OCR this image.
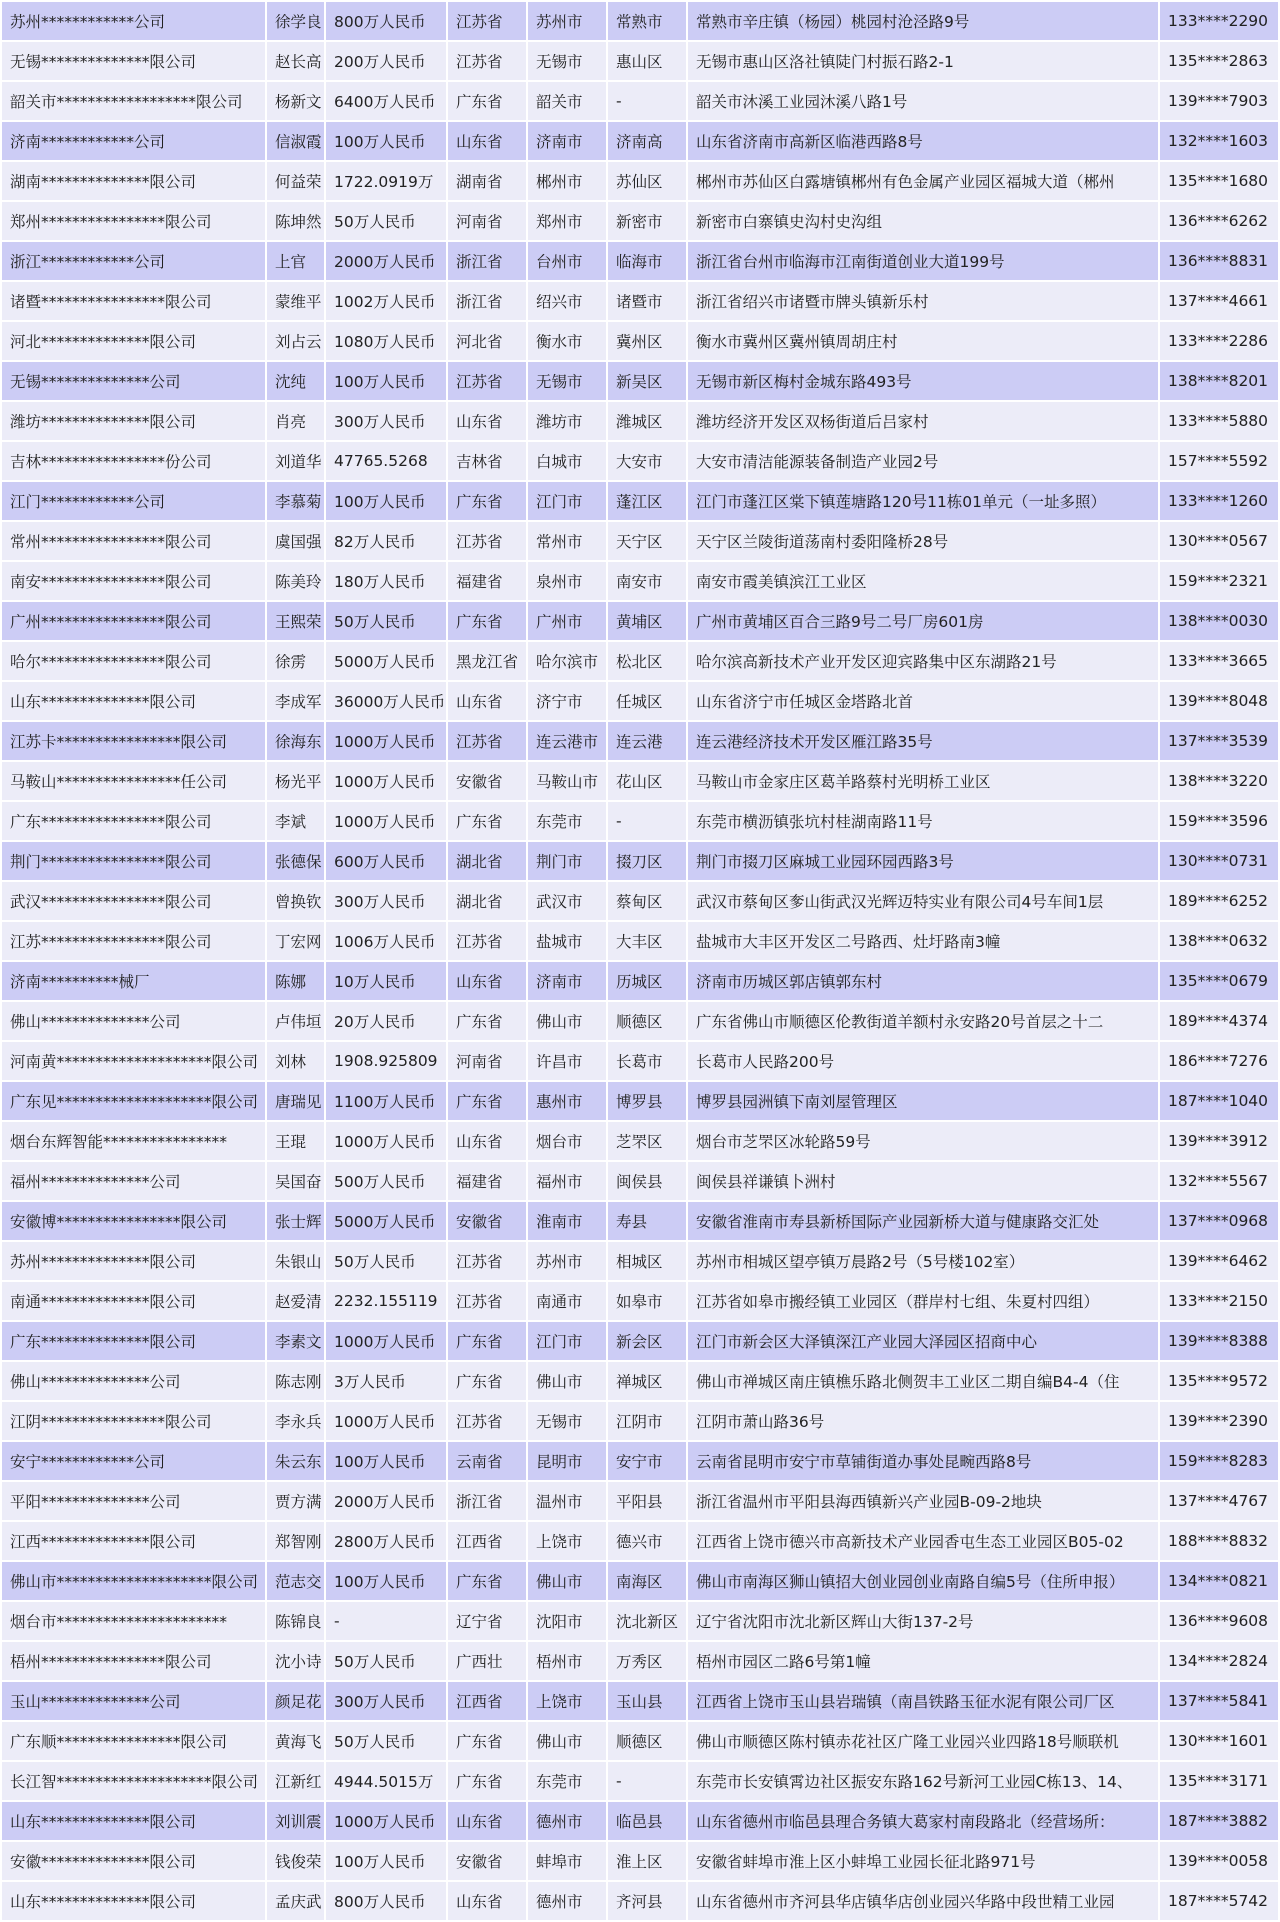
苏州************公司	徐学良	800万人民币	江苏省	苏州市	常熟市	常熟市辛庄镇（杨园）桃园村沧泾路9号	133****2290
无锡**************限公司	赵长高	200万人民币	江苏省	无锡市	惠山区	无锡市惠山区洛社镇陡门村振石路2-1	135****2863
韶关市******************限公司	杨新文	6400万人民币	广东省	韶关市	-	韶关市沐溪工业园沐溪八路1号	139****7903
济南************公司	信淑霞	100万人民币	山东省	济南市	济南高	山东省济南市高新区临港西路8号	132****1603
湖南**************限公司	何益荣	1722.0919万	湖南省	郴州市	苏仙区	郴州市苏仙区白露塘镇郴州有色金属产业园区福城大道（郴州	135****1680
郑州****************限公司	陈坤然	50万人民币	河南省	郑州市	新密市	新密市白寨镇史沟村史沟组	136****6262
浙江************公司	上官	2000万人民币	浙江省	台州市	临海市	浙江省台州市临海市江南街道创业大道199号	136****8831
诸暨****************限公司	蒙维平	1002万人民币	浙江省	绍兴市	诸暨市	浙江省绍兴市诸暨市牌头镇新乐村	137****4661
河北**************限公司	刘占云	1080万人民币	河北省	衡水市	冀州区	衡水市冀州区冀州镇周胡庄村	133****2286
无锡**************公司	沈纯	100万人民币	江苏省	无锡市	新吴区	无锡市新区梅村金城东路493号	138****8201
潍坊**************限公司	肖亮	300万人民币	山东省	潍坊市	潍城区	潍坊经济开发区双杨街道后吕家村	133****5880
吉林****************份公司	刘道华	47765.5268	吉林省	白城市	大安市	大安市清洁能源装备制造产业园2号	157****5592
江门************公司	李慕菊	100万人民币	广东省	江门市	蓬江区	江门市蓬江区棠下镇莲塘路120号11栋01单元（一址多照）	133****1260
常州****************限公司	虞国强	82万人民币	江苏省	常州市	天宁区	天宁区兰陵街道荡南村委阳隆桥28号	130****0567
南安****************限公司	陈美玲	180万人民币	福建省	泉州市	南安市	南安市霞美镇滨江工业区	159****2321
广州****************限公司	王熙荣	50万人民币	广东省	广州市	黄埔区	广州市黄埔区百合三路9号二号厂房601房	138****0030
哈尔****************限公司	徐雳	5000万人民币	黑龙江省	哈尔滨市	松北区	哈尔滨高新技术产业开发区迎宾路集中区东湖路21号	133****3665
山东**************限公司	李成军	36000万人民币	山东省	济宁市	任城区	山东省济宁市任城区金塔路北首	139****8048
江苏卡****************限公司	徐海东	1000万人民币	江苏省	连云港市	连云港	连云港经济技术开发区雁江路35号	137****3539
马鞍山****************任公司	杨光平	1000万人民币	安徽省	马鞍山市	花山区	马鞍山市金家庄区葛羊路蔡村光明桥工业区	138****3220
广东****************限公司	李斌	1000万人民币	广东省	东莞市	-	东莞市横沥镇张坑村桂湖南路11号	159****3596
荆门****************限公司	张德保	600万人民币	湖北省	荆门市	掇刀区	荆门市掇刀区麻城工业园环园西路3号	130****0731
武汉****************限公司	曾换钦	300万人民币	湖北省	武汉市	蔡甸区	武汉市蔡甸区奓山街武汉光辉迈特实业有限公司4号车间1层	189****6252
江苏****************限公司	丁宏网	1006万人民币	江苏省	盐城市	大丰区	盐城市大丰区开发区二号路西、灶圩路南3幢	138****0632
济南**********械厂	陈娜	10万人民币	山东省	济南市	历城区	济南市历城区郭店镇郭东村	135****0679
佛山**************公司	卢伟垣	20万人民币	广东省	佛山市	顺德区	广东省佛山市顺德区伦教街道羊额村永安路20号首层之十二	189****4374
河南黄********************限公司	刘林	1908.925809	河南省	许昌市	长葛市	长葛市人民路200号	186****7276
广东见********************限公司	唐瑞见	1100万人民币	广东省	惠州市	博罗县	博罗县园洲镇下南刘屋管理区	187****1040
烟台东辉智能****************	王琨	1000万人民币	山东省	烟台市	芝罘区	烟台市芝罘区冰轮路59号	139****3912
福州**************公司	吴国奋	500万人民币	福建省	福州市	闽侯县	闽侯县祥谦镇卜洲村	132****5567
安徽博****************限公司	张士辉	5000万人民币	安徽省	淮南市	寿县	安徽省淮南市寿县新桥国际产业园新桥大道与健康路交汇处	137****0968
苏州**************限公司	朱银山	50万人民币	江苏省	苏州市	相城区	苏州市相城区望亭镇万晨路2号（5号楼102室）	139****6462
南通**************限公司	赵爱清	2232.155119	江苏省	南通市	如皋市	江苏省如皋市搬经镇工业园区（群岸村七组、朱夏村四组）	133****2150
广东**************限公司	李素文	1000万人民币	广东省	江门市	新会区	江门市新会区大泽镇深江产业园大泽园区招商中心	139****8388
佛山**************公司	陈志刚	3万人民币	广东省	佛山市	禅城区	佛山市禅城区南庄镇樵乐路北侧贺丰工业区二期自编B4-4（住	135****9572
江阴****************限公司	李永兵	1000万人民币	江苏省	无锡市	江阴市	江阴市萧山路36号	139****2390
安宁************公司	朱云东	100万人民币	云南省	昆明市	安宁市	云南省昆明市安宁市草铺街道办事处昆畹西路8号	159****8283
平阳**************公司	贾方满	2000万人民币	浙江省	温州市	平阳县	浙江省温州市平阳县海西镇新兴产业园B-09-2地块	137****4767
江西**************限公司	郑智刚	2800万人民币	江西省	上饶市	德兴市	江西省上饶市德兴市高新技术产业园香屯生态工业园区B05-02	188****8832
佛山市********************限公司	范志交	100万人民币	广东省	佛山市	南海区	佛山市南海区狮山镇招大创业园创业南路自编5号（住所申报）	134****0821
烟台市**********************	陈锦良	-	辽宁省	沈阳市	沈北新区	辽宁省沈阳市沈北新区辉山大街137-2号	136****9608
梧州****************限公司	沈小诗	50万人民币	广西壮	梧州市	万秀区	梧州市园区二路6号第1幢	134****2824
玉山**************公司	颜足花	300万人民币	江西省	上饶市	玉山县	江西省上饶市玉山县岩瑞镇（南昌铁路玉征水泥有限公司厂区	137****5841
广东顺****************限公司	黄海飞	50万人民币	广东省	佛山市	顺德区	佛山市顺德区陈村镇赤花社区广隆工业园兴业四路18号顺联机	130****1601
长江智********************限公司	江新红	4944.5015万	广东省	东莞市	-	东莞市长安镇霄边社区振安东路162号新河工业园C栋13、14、	135****3171
山东**************限公司	刘训震	1000万人民币	山东省	德州市	临邑县	山东省德州市临邑县理合务镇大葛家村南段路北（经营场所：	187****3882
安徽**************限公司	钱俊荣	100万人民币	安徽省	蚌埠市	淮上区	安徽省蚌埠市淮上区小蚌埠工业园长征北路971号	139****0058
山东**************限公司	孟庆武	800万人民币	山东省	德州市	齐河县	山东省德州市齐河县华店镇华店创业园兴华路中段世精工业园	187****5742
